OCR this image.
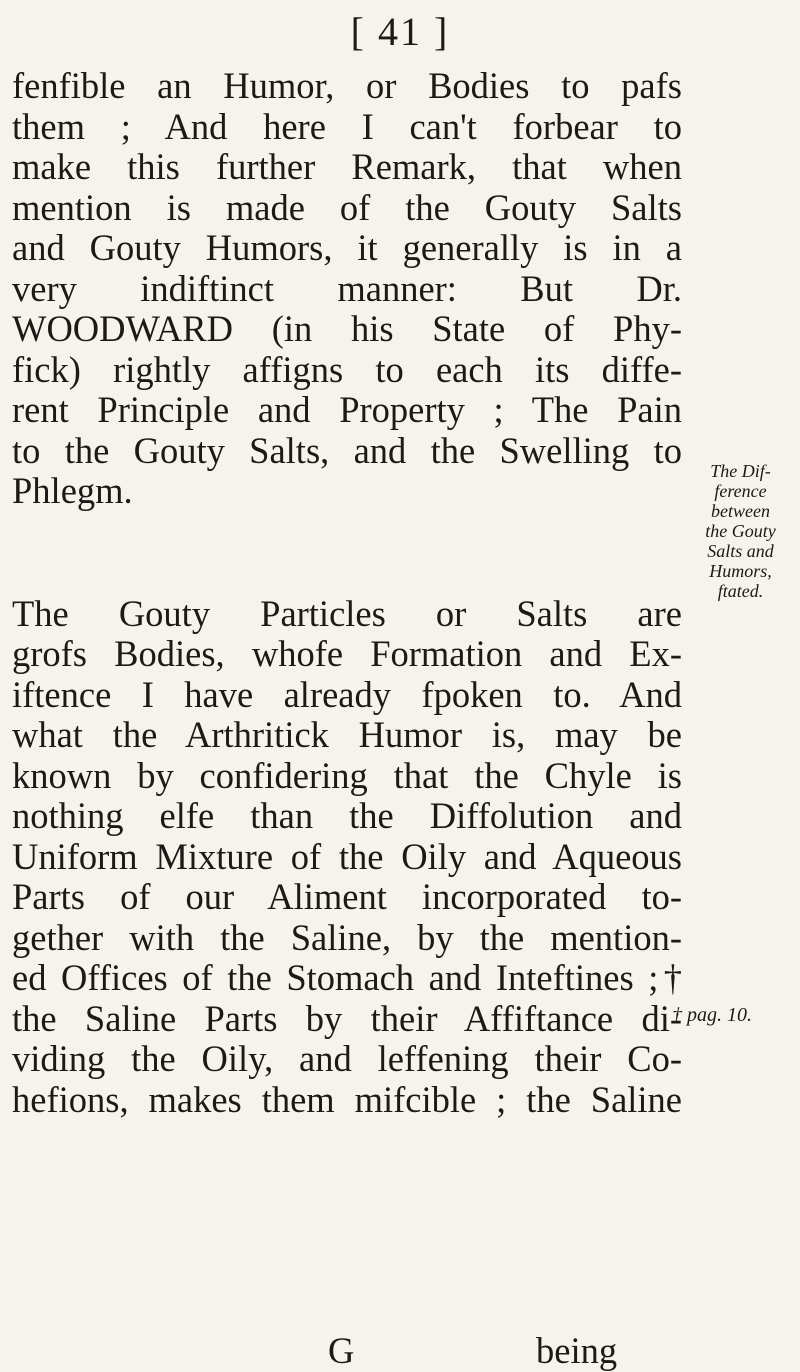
[ 41 ]
fenfible an Humor, or Bodies to pafs
them ; And here I can't forbear to
make this further Remark, that when
mention is made of the Gouty Salts
and Gouty Humors, it generally is in a
very indiftinct manner: But Dr.
WOODWARD (in his State of Phy-
fick) rightly affigns to each its diffe-
rent Principle and Property ; The Pain
to the Gouty Salts, and the Swelling to
Phlegm.
The Gouty Particles or Salts are
grofs Bodies, whofe Formation and Ex-
iftence I have already fpoken to. And
what the Arthritick Humor is, may be
known by confidering that the Chyle is
nothing elfe than the Diffolution and
Uniform Mixture of the Oily and Aqueous
Parts of our Aliment incorporated to-
gether with the Saline, by the mention-
ed Offices of the Stomach and Inteftines ;†
the Saline Parts by their Affiftance di-
viding the Oily, and leffening their Co-
hefions, makes them mifcible ; the Saline
The Dif-
ference
between
the Gouty
Salts and
Humors,
ftated.
† pag. 10.
G	being
